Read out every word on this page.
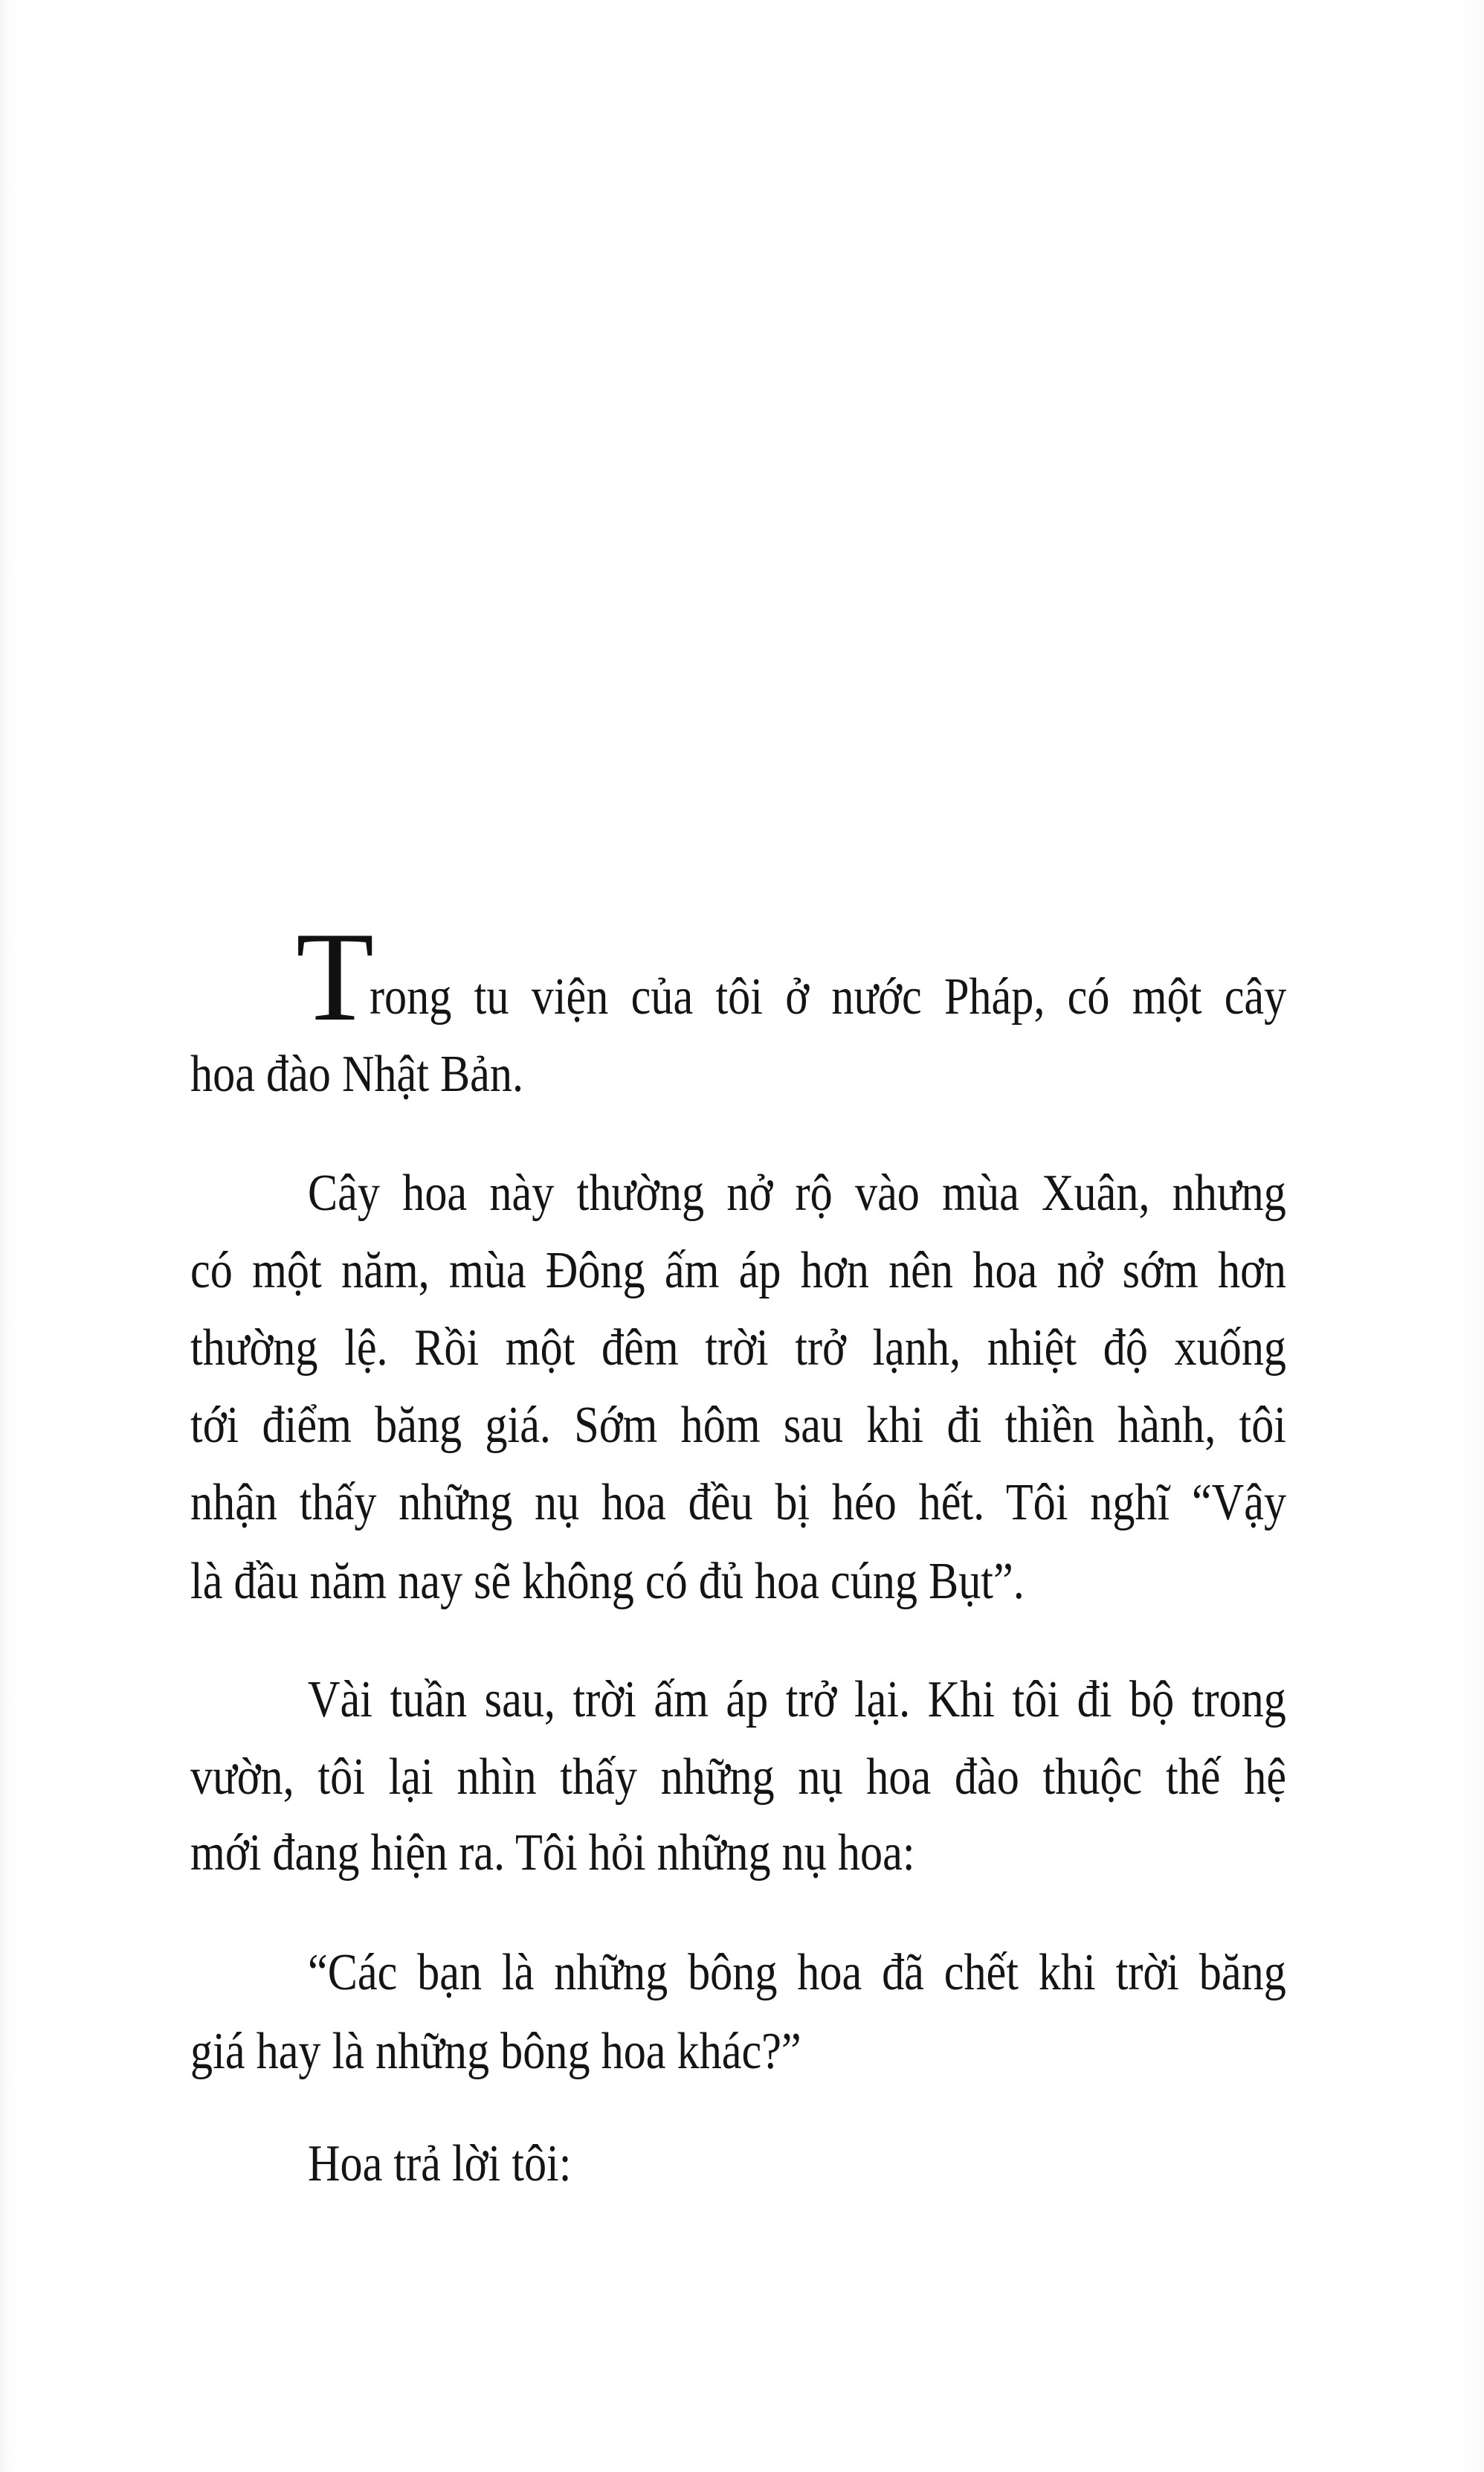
T
rong tu viện của tôi ở nước Pháp, có một cây
hoa đào Nhật Bản.
Cây hoa này thường nở rộ vào mùa Xuân, nhưng
có một năm, mùa Đông ấm áp hơn nên hoa nở sớm hơn
thường lệ. Rồi một đêm trời trở lạnh, nhiệt độ xuống
tới điểm băng giá. Sớm hôm sau khi đi thiền hành, tôi
nhận thấy những nụ hoa đều bị héo hết. Tôi nghĩ “Vậy
là đầu năm nay sẽ không có đủ hoa cúng Bụt”.
Vài tuần sau, trời ấm áp trở lại. Khi tôi đi bộ trong
vườn, tôi lại nhìn thấy những nụ hoa đào thuộc thế hệ
mới đang hiện ra. Tôi hỏi những nụ hoa:
“Các bạn là những bông hoa đã chết khi trời băng
giá hay là những bông hoa khác?”
Hoa trả lời tôi:
